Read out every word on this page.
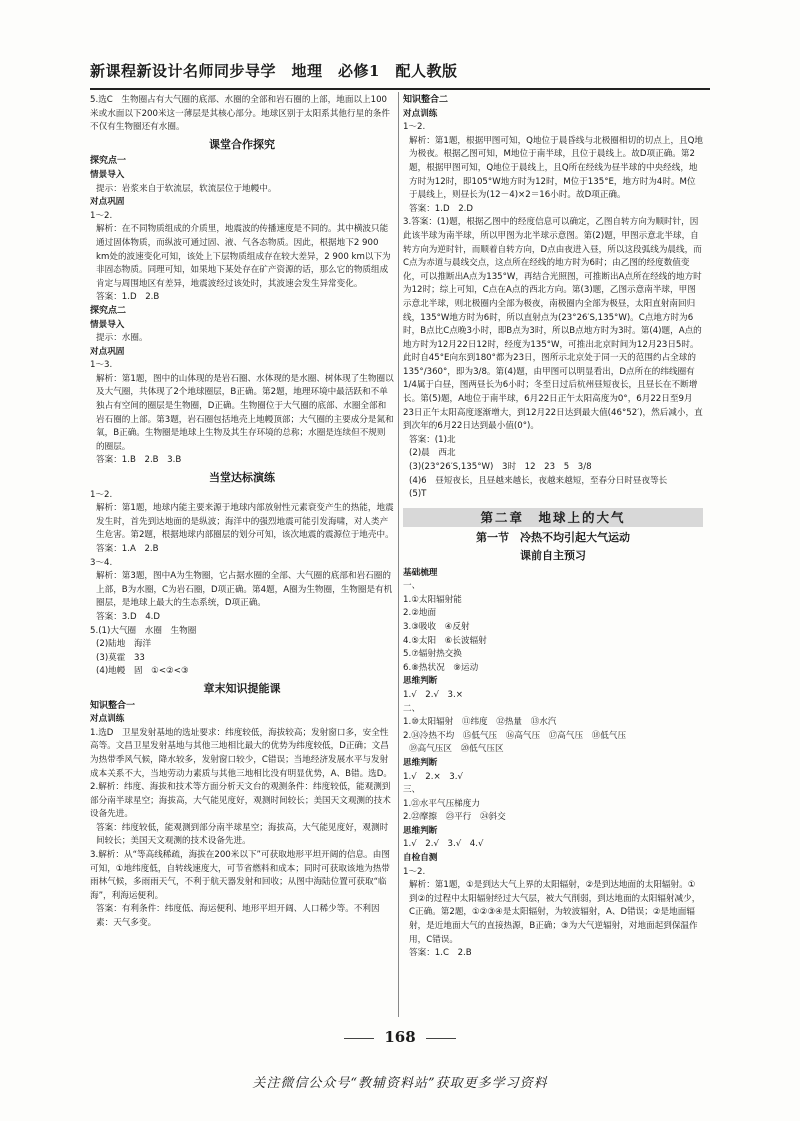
新课程新设计名师同步导学　地理　必修1　配人教版

5.选C　生物圈占有大气圈的底部、水圈的全部和岩石圈的上部，地面以上100米或水面以下200米这一薄层是其核心部分。地球区别于太阳系其他行星的条件不仅有生物圈还有水圈。

课堂合作探究

探究点一

情景导入

提示：岩浆来自于软流层，软流层位于地幔中。

对点巩固

1～2.

解析：在不同物质组成的介质里，地震波的传播速度是不同的。其中横波只能通过固体物质，而纵波可通过固、液、气各态物质。因此，根据地下2 900 km处的波速变化可知，该处上下层物质组成存在较大差异，2 900 km以下为非固态物质。同理可知，如果地下某处存在矿产资源的话，那么它的物质组成肯定与周围地区有差异，地震波经过该处时，其波速会发生异常变化。

答案：1.D　2.B

探究点二

情景导入

提示：水圈。

对点巩固

1～3.

解析：第1题，图中的山体现的是岩石圈、水体现的是水圈、树体现了生物圈以及大气圈，共体现了2个地球圈层，B正确。第2题，地理环境中最活跃和不单独占有空间的圈层是生物圈，D正确。生物圈位于大气圈的底部、水圈全部和岩石圈的上部。第3题，岩石圈包括地壳上地幔顶部；大气圈的主要成分是氮和氧，B正确。生物圈是地球上生物及其生存环境的总称；水圈是连续但不规则的圈层。

答案：1.B　2.B　3.B

当堂达标演练

1～2.

解析：第1题，地球内能主要来源于地球内部放射性元素衰变产生的热能，地震发生时，首先到达地面的是纵波；海洋中的强烈地震可能引发海啸，对人类产生危害。第2题，根据地球内部圈层的划分可知，该次地震的震源位于地壳中。

答案：1.A　2.B

3～4.

解析：第3题，图中A为生物圈，它占据水圈的全部、大气圈的底部和岩石圈的上部，B为水圈，C为岩石圈，D项正确。第4题，A圈为生物圈，生物圈是有机圈层，是地球上最大的生态系统，D项正确。

答案：3.D　4.D

5.(1)大气圈　水圈　生物圈

(2)陆地　海洋

(3)莫霍　33

(4)地幔　固　①<②<③

章末知识提能课

知识整合一

对点训练

1.选D　卫星发射基地的选址要求：纬度较低，海拔较高；发射窗口多，安全性高等。文昌卫星发射基地与其他三地相比最大的优势为纬度较低，D正确；文昌为热带季风气候，降水较多，发射窗口较少，C错误；当地经济发展水平与发射成本关系不大，当地劳动力素质与其他三地相比没有明显优势，A、B错。选D。

2.解析：纬度、海拔和技术等方面分析天文台的观测条件：纬度较低，能观测到部分南半球星空；海拔高，大气能见度好，观测时间较长；美国天文观测的技术设备先进。

答案：纬度较低，能观测到部分南半球星空；海拔高，大气能见度好，观测时间较长；美国天文观测的技术设备先进。

3.解析：从“等高线稀疏，海拔在200米以下”可获取地形平坦开阔的信息。由图可知，①地纬度低，自转线速度大，可节省燃料和成本；同时可获取该地为热带雨林气候，多雨雨天气，不利于航天器发射和回收；从图中海陆位置可获取“临海”，利海运便利。

答案：有利条件：纬度低、海运便利、地形平坦开阔、人口稀少等。不利因素：天气多变。

知识整合二

对点训练

1～2.

解析：第1题，根据甲图可知，Q地位于晨昏线与北极圈相切的切点上，且Q地为极夜。根据乙图可知，M地位于南半球，且位于晨线上。故D项正确。第2题，根据甲图可知，Q地位于晨线上，且Q所在经线为昼半球的中央经线，地方时为12时，即105°W地方时为12时，M位于135°E，地方时为4时。M位于晨线上，则昼长为(12－4)×2＝16小时。故D项正确。

答案：1.D　2.D

3.答案：(1)题，根据乙图中的经度信息可以确定，乙图自转方向为顺时针，因此该半球为南半球，所以甲图为北半球示意图。第(2)题，甲图示意北半球，自转方向为逆时针，而顺着自转方向，D点由夜进入昼，所以这段弧线为晨线，而C点为赤道与晨线交点，这点所在经线的地方时为6时；由乙图的经度数值变化，可以推断出A点为135°W，再结合光照图，可推断出A点所在经线的地方时为12时；综上可知，C点在A点的西北方向。第(3)题，乙图示意南半球，甲图示意北半球，则北极圈内全部为极夜，南极圈内全部为极昼，太阳直射南回归线，135°W地方时为6时，所以直射点为(23°26′S,135°W)。C点地方时为6时，B点比C点晚3小时，即B点为3时，所以B点地方时为3时。第(4)题，A点的地方时为12月22日12时，经度为135°W，可推出北京时间为12月23日5时。此时自45°E向东到180°都为23日，图所示北京处于同一天的范围约占全球的135°/360°，即为3/8。第(4)题，由甲图可以明显看出，D点所在的纬线圈有1/4属于白昼，图两昼长为6小时；冬至日过后杭州昼短夜长，且昼长在不断增长。第(5)题，A地位于南半球，6月22日正午太阳高度为0°，6月22日至9月23日正午太阳高度逐渐增大，到12月22日达到最大值(46°52′)，然后减小，直到次年的6月22日达到最小值(0°)。

答案：(1)北

(2)晨　西北

(3)(23°26′S,135°W)　3时　12　23　5　3/8

(4)6　昼短夜长，且昼越来越长，夜越来越短，至春分日时昼夜等长

(5)T

第二章　地球上的大气
第一节　冷热不均引起大气运动
课前自主预习

基础梳理

一、

1.①太阳辐射能

2.②地面

3.③吸收　④反射

4.⑤太阳　⑥长波辐射

5.⑦辐射热交换

6.⑧热状况　⑨运动

思维判断

1.√　2.√　3.×

二、

1.⑩太阳辐射　⑪纬度　⑫热量　⑬水汽

2.⑭冷热不均　⑮低气压　⑯高气压　⑰高气压　⑱低气压

⑲高气压区　⑳低气压区

思维判断

1.√　2.×　3.√

三、

1.㉑水平气压梯度力

2.㉒摩擦　㉓平行　㉔斜交

思维判断

1.√　2.√　3.√　4.√

自检自测

1～2.

解析：第1题，①是到达大气上界的太阳辐射，②是到达地面的太阳辐射。①到②的过程中太阳辐射经过大气层，被大气削弱，到达地面的太阳辐射减少，C正确。第2题，①②③④是太阳辐射，为较波辐射，A、D错误；②是地面辐射，是近地面大气的直接热源，B正确；③为大气逆辐射，对地面起到保温作用，C错误。

答案：1.C　2.B

168
关注微信公众号“教辅资料站”获取更多学习资料
